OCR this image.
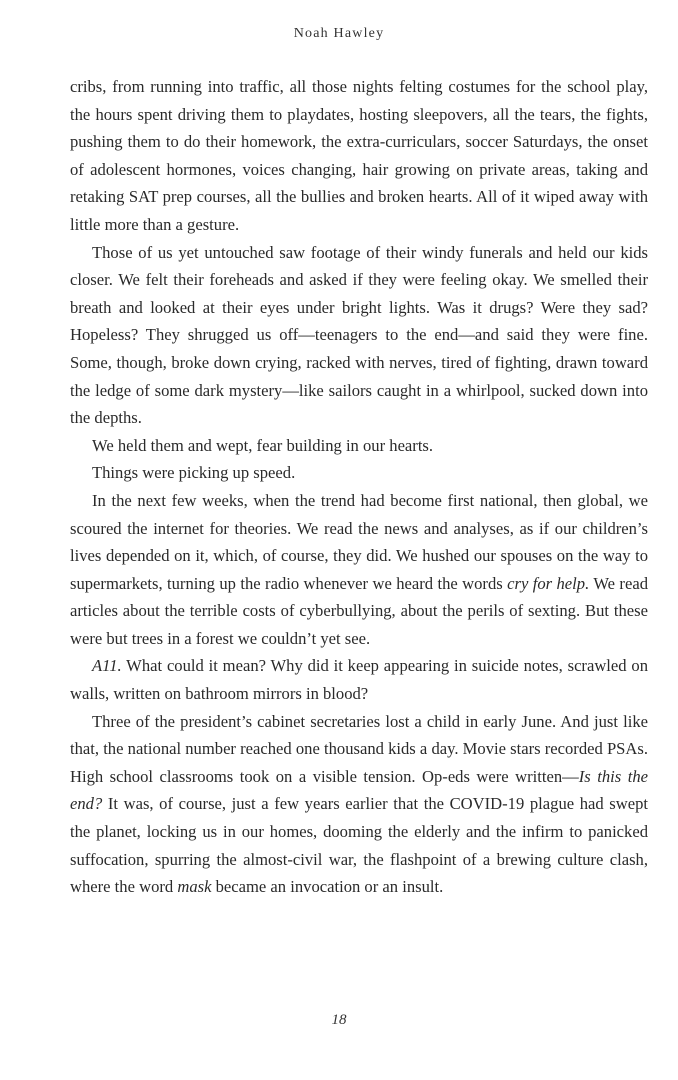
Noah Hawley

cribs, from running into traffic, all those nights felting costumes for the school play, the hours spent driving them to playdates, hosting sleepovers, all the tears, the fights, pushing them to do their homework, the extra-curriculars, soccer Saturdays, the onset of adolescent hormones, voices changing, hair growing on private areas, taking and retaking SAT prep courses, all the bullies and broken hearts. All of it wiped away with little more than a gesture.

Those of us yet untouched saw footage of their windy funerals and held our kids closer. We felt their foreheads and asked if they were feeling okay. We smelled their breath and looked at their eyes under bright lights. Was it drugs? Were they sad? Hopeless? They shrugged us off—teenagers to the end—and said they were fine. Some, though, broke down crying, racked with nerves, tired of fighting, drawn toward the ledge of some dark mystery—like sailors caught in a whirlpool, sucked down into the depths.

We held them and wept, fear building in our hearts.

Things were picking up speed.

In the next few weeks, when the trend had become first national, then global, we scoured the internet for theories. We read the news and analyses, as if our children’s lives depended on it, which, of course, they did. We hushed our spouses on the way to supermarkets, turning up the radio whenever we heard the words cry for help. We read articles about the terrible costs of cyberbullying, about the perils of sexting. But these were but trees in a forest we couldn’t yet see.

A11. What could it mean? Why did it keep appearing in suicide notes, scrawled on walls, written on bathroom mirrors in blood?

Three of the president’s cabinet secretaries lost a child in early June. And just like that, the national number reached one thousand kids a day. Movie stars recorded PSAs. High school classrooms took on a visible tension. Op-eds were written—Is this the end? It was, of course, just a few years earlier that the COVID-19 plague had swept the planet, locking us in our homes, dooming the elderly and the infirm to panicked suffocation, spurring the almost-civil war, the flashpoint of a brewing culture clash, where the word mask became an invocation or an insult.

18
